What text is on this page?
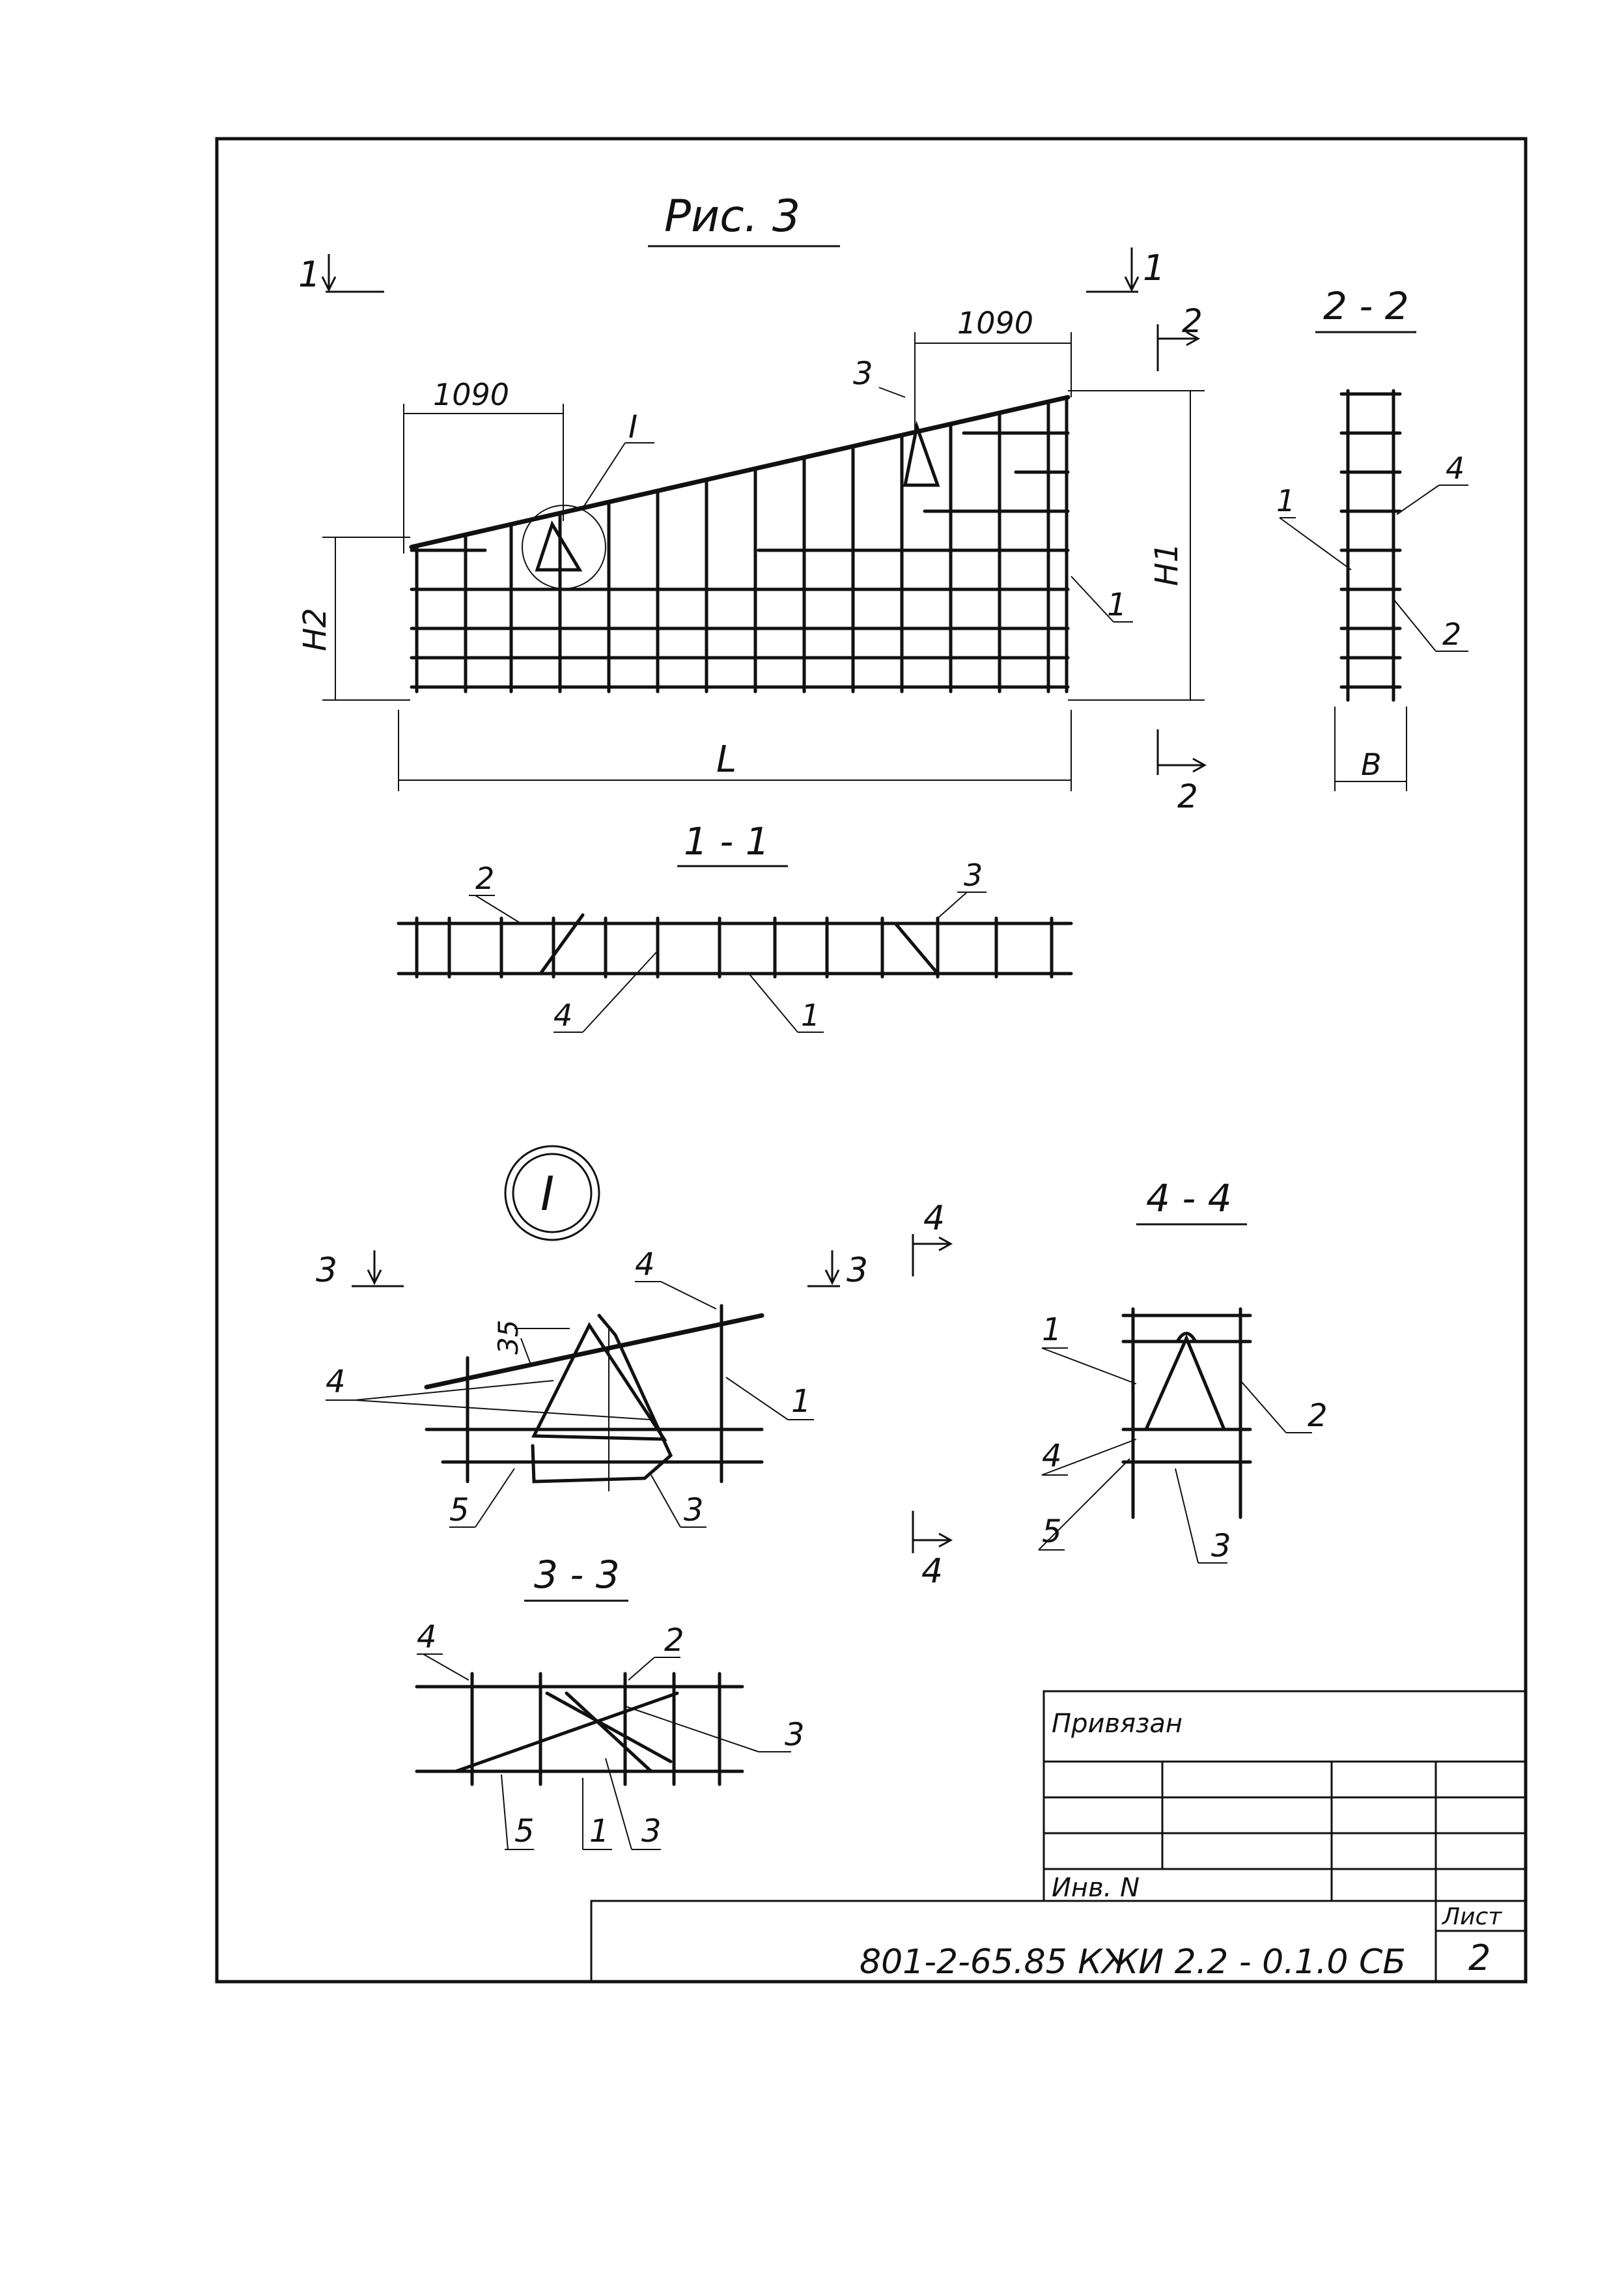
Рис. 3
1	1
2
2
1090
1090
H1
H2
L
I
3
1
2 - 2
B
1
4
2
1 - 1
2	3
4	1
I
3	3
35
4
4
1
5	3
4
4
4 - 4
1
2
4
5	3
3 - 3
4	2
3
5 1 3
Привязан
Инв. N
801-2-65.85 КЖИ 2.2 - 0.1.0 СБ
Лист
2
